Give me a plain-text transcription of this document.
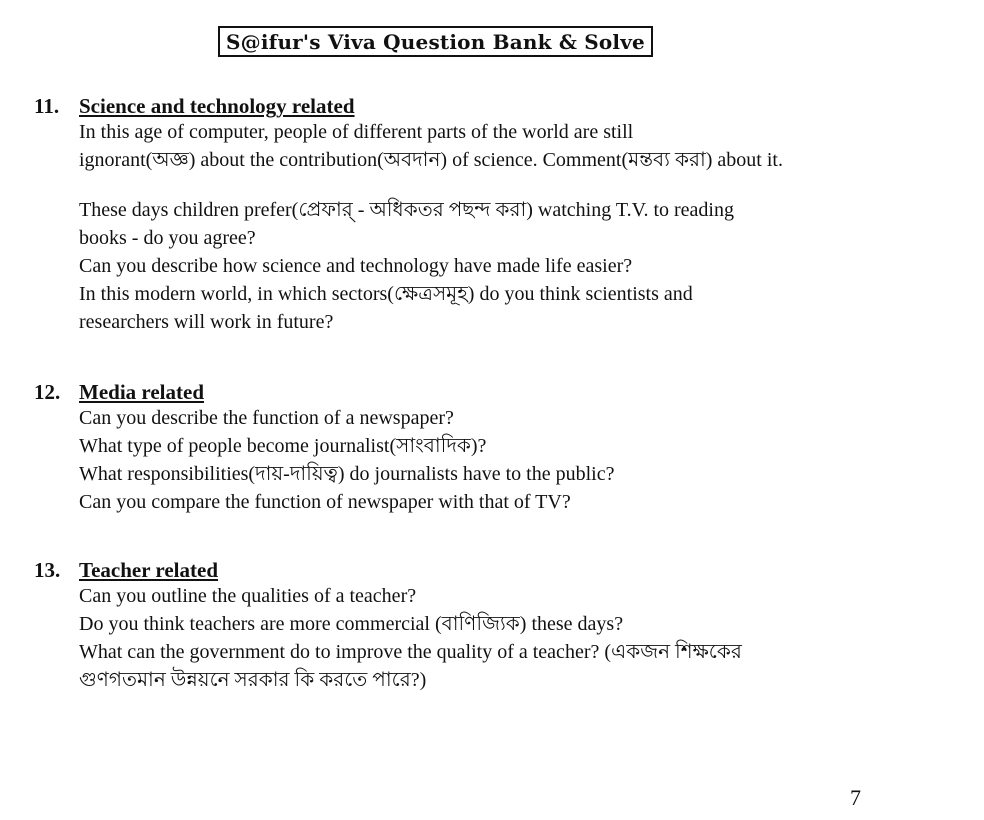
S@ifur's Viva Question Bank & Solve
11. Science and technology related
In this age of computer, people of different parts of the world are still
ignorant(অজ্ঞ) about the contribution(অবদান) of science. Comment(মন্তব্য করা) about it.
These days children prefer(প্রেফার্‌ - অধিকতর পছন্দ করা) watching T.V. to reading
books - do you agree?
Can you describe how science and technology have made life easier?
In this modern world, in which sectors(ক্ষেত্রসমূহ) do you think scientists and
researchers will work in future?
12. Media related
Can you describe the function of a newspaper?
What type of people become journalist(সাংবাদিক)?
What responsibilities(দায়-দায়িত্ব) do journalists have to the public?
Can you compare the function of newspaper with that of TV?
13. Teacher related
Can you outline the qualities of a teacher?
Do you think teachers are more commercial (বাণিজ্যিক) these days?
What can the government do to improve the quality of a teacher? (একজন শিক্ষকের
গুণগতমান উন্নয়নে সরকার কি করতে পারে?)
7
